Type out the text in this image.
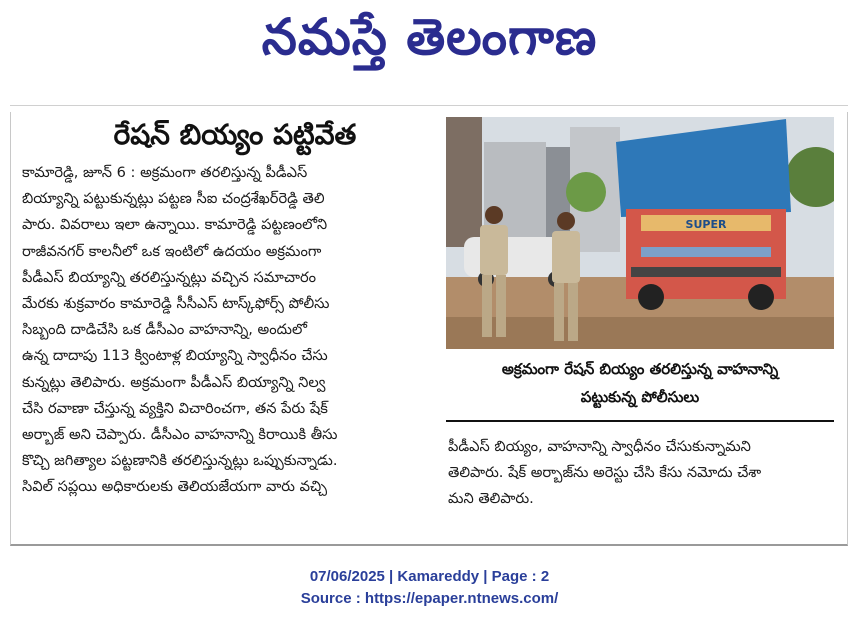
నమస్తే తెలంగాణ
రేషన్ బియ్యం పట్టివేత
కామారెడ్డి, జూన్ 6 : అక్రమంగా తరలిస్తున్న పీడీఎస్
బియ్యాన్ని పట్టుకున్నట్లు పట్టణ సీఐ చంద్రశేఖర్‌రెడ్డి తెలి
పారు. వివరాలు ఇలా ఉన్నాయి. కామారెడ్డి పట్టణంలోని
రాజీవనగర్ కాలనీలో ఒక ఇంటిలో ఉదయం అక్రమంగా
పీడీఎస్ బియ్యాన్ని తరలిస్తున్నట్లు వచ్చిన సమాచారం
మేరకు శుక్రవారం కామారెడ్డి సీసీఎస్ టాస్క్‌ఫోర్స్ పోలీసు
సిబ్బంది దాడిచేసి ఒక డీసీఎం వాహనాన్ని, అందులో
ఉన్న దాదాపు 113 క్వింటాళ్ల బియ్యాన్ని స్వాధీనం చేసు
కున్నట్లు తెలిపారు. అక్రమంగా పీడీఎస్ బియ్యాన్ని నిల్వ
చేసి రవాణా చేస్తున్న వ్యక్తిని విచారించగా, తన పేరు షేక్
అర్బాజ్ అని చెప్పారు. డీసీఎం వాహనాన్ని కిరాయికి తీసు
కొచ్చి జగిత్యాల పట్టణానికి తరలిస్తున్నట్లు ఒప్పుకున్నాడు.
సివిల్ సప్లయి అధికారులకు తెలియజేయగా వారు వచ్చి
SUPER
అక్రమంగా రేషన్ బియ్యం తరలిస్తున్న వాహనాన్ని
పట్టుకున్న పోలీసులు
పీడీఎస్ బియ్యం, వాహనాన్ని స్వాధీనం చేసుకున్నామని
తెలిపారు. షేక్ అర్బాజ్‌ను అరెస్టు చేసి కేసు నమోదు చేశా
మని తెలిపారు.
07/06/2025 | Kamareddy | Page : 2
Source : https://epaper.ntnews.com/
